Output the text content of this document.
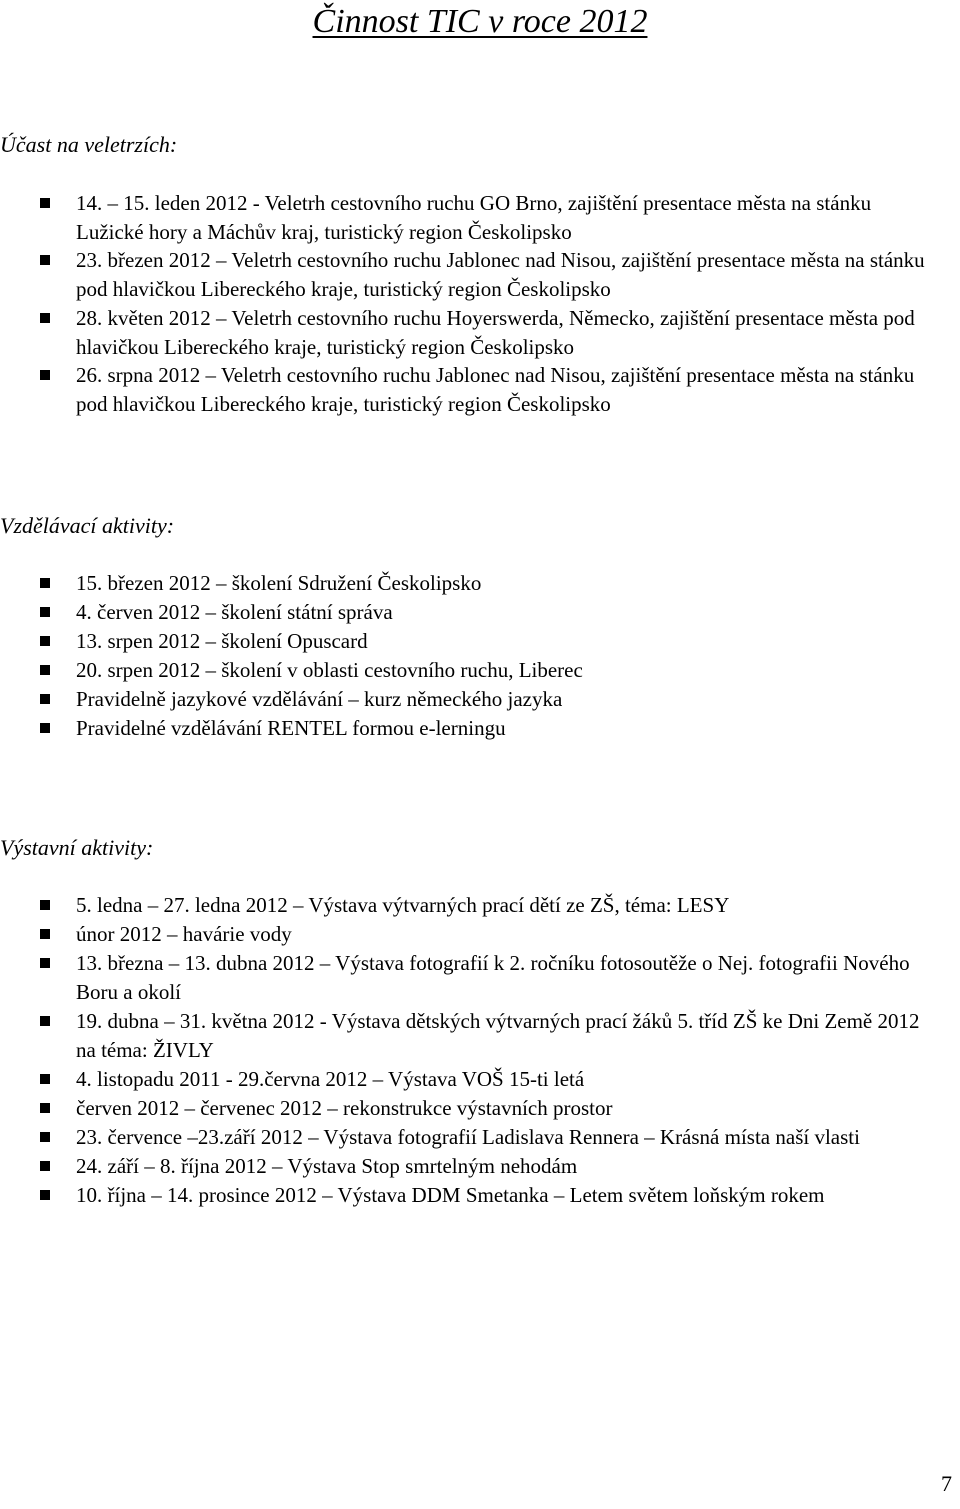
Činnost TIC v roce 2012
Účast na veletrzích:
14. – 15. leden 2012 - Veletrh cestovního ruchu GO Brno, zajištění presentace města na stánku Lužické hory a Máchův kraj, turistický region Českolipsko
23. březen 2012 – Veletrh cestovního ruchu Jablonec nad Nisou, zajištění presentace města na stánku pod hlavičkou Libereckého kraje, turistický region Českolipsko
28. květen 2012 – Veletrh cestovního ruchu Hoyerswerda, Německo, zajištění presentace města pod hlavičkou Libereckého kraje, turistický region Českolipsko
26. srpna 2012 – Veletrh cestovního ruchu Jablonec nad Nisou, zajištění presentace města na stánku pod hlavičkou Libereckého kraje, turistický region Českolipsko
Vzdělávací aktivity:
15. březen 2012 – školení Sdružení Českolipsko
4. červen 2012 – školení státní správa
13. srpen 2012 – školení Opuscard
20. srpen 2012 – školení v oblasti cestovního ruchu, Liberec
Pravidelně jazykové vzdělávání – kurz německého jazyka
Pravidelné vzdělávání RENTEL formou e-lerningu
Výstavní aktivity:
5. ledna – 27. ledna 2012 – Výstava výtvarných prací dětí ze ZŠ, téma: LESY
únor 2012 – havárie vody
13. března – 13. dubna 2012 – Výstava fotografií k 2. ročníku fotosoutěže o Nej. fotografii Nového Boru a okolí
19. dubna – 31. května 2012 - Výstava dětských výtvarných prací žáků 5. tříd ZŠ ke Dni Země 2012 na téma: ŽIVLY
4. listopadu 2011 - 29.června 2012 – Výstava VOŠ 15-ti letá
červen 2012 – červenec 2012 – rekonstrukce výstavních prostor
23. července –23.září 2012 – Výstava fotografií Ladislava Rennera – Krásná místa naší vlasti
24. září – 8. října 2012 – Výstava Stop smrtelným nehodám
10. října – 14. prosince 2012 – Výstava DDM Smetanka – Letem světem loňským rokem
7
